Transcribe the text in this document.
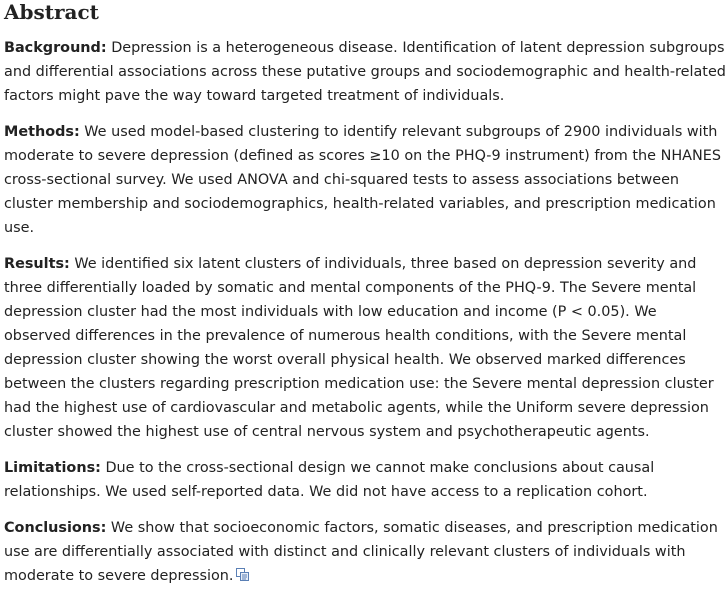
Abstract

Background: Depression is a heterogeneous disease. Identification of latent depression subgroups and differential associations across these putative groups and sociodemographic and health-related factors might pave the way toward targeted treatment of individuals.

Methods: We used model-based clustering to identify relevant subgroups of 2900 individuals with moderate to severe depression (defined as scores ≥10 on the PHQ-9 instrument) from the NHANES cross-sectional survey. We used ANOVA and chi-squared tests to assess associations between cluster membership and sociodemographics, health-related variables, and prescription medication use.

Results: We identified six latent clusters of individuals, three based on depression severity and three differentially loaded by somatic and mental components of the PHQ-9. The Severe mental depression cluster had the most individuals with low education and income (P < 0.05). We observed differences in the prevalence of numerous health conditions, with the Severe mental depression cluster showing the worst overall physical health. We observed marked differences between the clusters regarding prescription medication use: the Severe mental depression cluster had the highest use of cardiovascular and metabolic agents, while the Uniform severe depression cluster showed the highest use of central nervous system and psychotherapeutic agents.

Limitations: Due to the cross-sectional design we cannot make conclusions about causal relationships. We used self-reported data. We did not have access to a replication cohort.

Conclusions: We show that socioeconomic factors, somatic diseases, and prescription medication use are differentially associated with distinct and clinically relevant clusters of individuals with moderate to severe depression.
